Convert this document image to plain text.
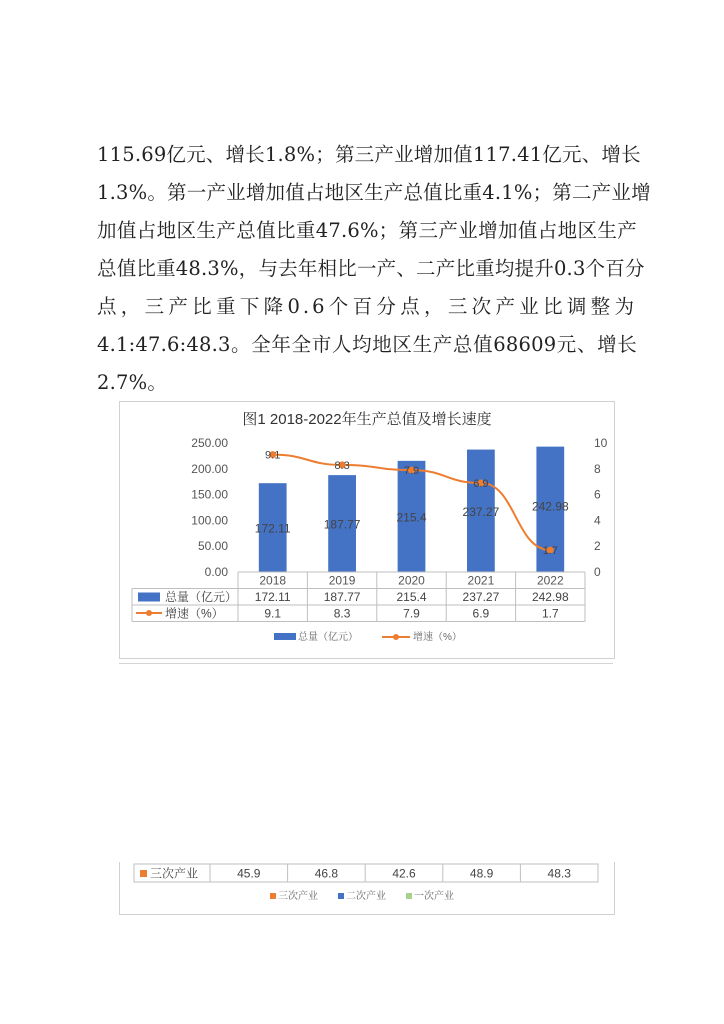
115.69亿元、增长1.8%；第三产业增加值117.41亿元、增长
1.3%。第一产业增加值占地区生产总值比重4.1%；第二产业增
加值占地区生产总值比重47.6%；第三产业增加值占地区生产
总值比重48.3%，与去年相比一产、二产比重均提升0.3个百分
点，三产比重下降0.6个百分点，三次产业比调整为
4.1:47.6:48.3。全年全市人均地区生产总值68609元、增长
2.7%。
图1 2018-2022年生产总值及增长速度
250.00
200.00
150.00
100.00
50.00
0.00
10
8
6
4
2
0
172.11	187.77
215.4	237.27	242.98
9.1
8.3	7.9
6.9
1.7
2018	2019	2020	2021	2022
总量（亿元） 172.11	187.77	215.4	237.27	242.98
增速（%）	9.1	8.3	7.9	6.9	1.7
总量（亿元）	增速（%）
三次产业	45.9	46.8	42.6	48.9	48.3
三次产业	二次产业	一次产业
